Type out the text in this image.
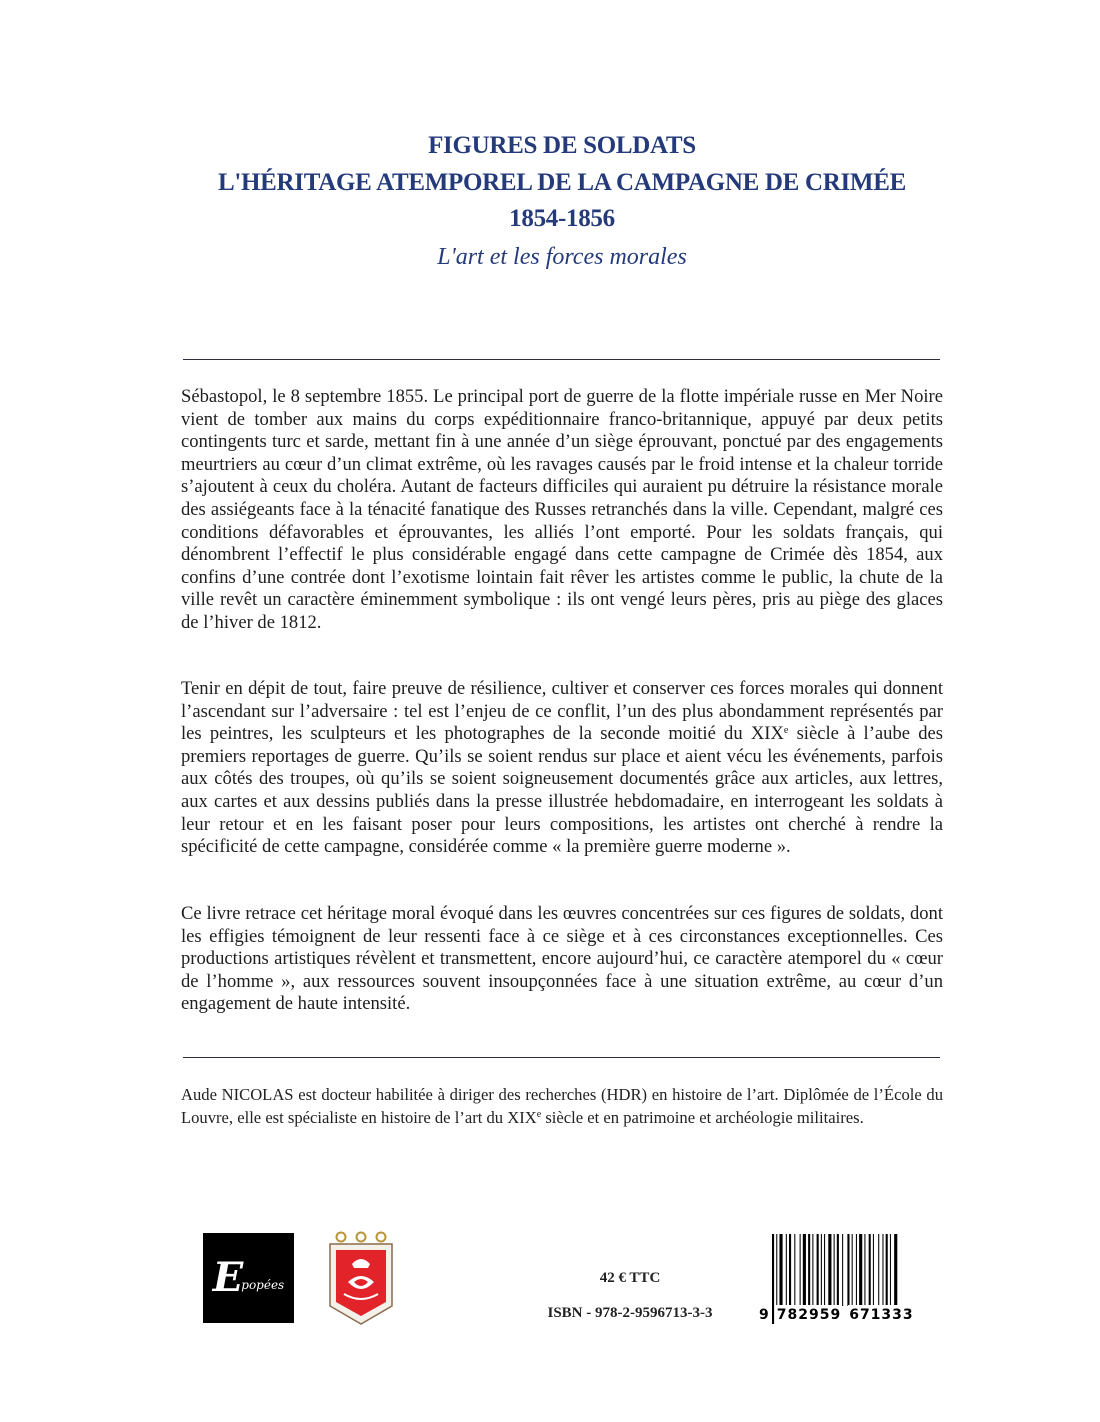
FIGURES DE SOLDATS
L'HÉRITAGE ATEMPOREL DE LA CAMPAGNE DE CRIMÉE
1854-1856
L'art et les forces morales

Sébastopol, le 8 septembre 1855. Le principal port de guerre de la flotte impériale russe en Mer Noire vient de tomber aux mains du corps expéditionnaire franco-britannique, appuyé par deux petits contingents turc et sarde, mettant fin à une année d’un siège éprouvant, ponctué par des engagements meurtriers au cœur d’un climat extrême, où les ravages causés par le froid intense et la chaleur torride s’ajoutent à ceux du choléra. Autant de facteurs difficiles qui auraient pu détruire la résistance morale des assiégeants face à la ténacité fanatique des Russes retranchés dans la ville. Cependant, malgré ces conditions défavorables et éprouvantes, les alliés l’ont emporté. Pour les soldats français, qui dénombrent l’effectif le plus considérable engagé dans cette campagne de Crimée dès 1854, aux confins d’une contrée dont l’exotisme lointain fait rêver les artistes comme le public, la chute de la ville revêt un caractère éminemment symbolique : ils ont vengé leurs pères, pris au piège des glaces de l’hiver de 1812.

Tenir en dépit de tout, faire preuve de résilience, cultiver et conserver ces forces morales qui donnent l’ascendant sur l’adversaire : tel est l’enjeu de ce conflit, l’un des plus abondamment représentés par les peintres, les sculpteurs et les photographes de la seconde moitié du XIXe siècle à l’aube des premiers reportages de guerre. Qu’ils se soient rendus sur place et aient vécu les événements, parfois aux côtés des troupes, où qu’ils se soient soigneusement documentés grâce aux articles, aux lettres, aux cartes et aux dessins publiés dans la presse illustrée hebdomadaire, en interrogeant les soldats à leur retour et en les faisant poser pour leurs compositions, les artistes ont cherché à rendre la spécificité de cette campagne, considérée comme « la première guerre moderne ».

Ce livre retrace cet héritage moral évoqué dans les œuvres concentrées sur ces figures de soldats, dont les effigies témoignent de leur ressenti face à ce siège et à ces circonstances exceptionnelles. Ces productions artistiques révèlent et transmettent, encore aujourd’hui, ce caractère atemporel du « cœur de l’homme », aux ressources souvent insoupçonnées face à une situation extrême, au cœur d’un engagement de haute intensité.

Aude NICOLAS est docteur habilitée à diriger des recherches (HDR) en histoire de l’art. Diplômée de l’École du Louvre, elle est spécialiste en histoire de l’art du XIXe siècle et en patrimoine et archéologie militaires.

E
popées	42 € TTC
ISBN - 978-2-9596713-3-3	9 782959 671333
